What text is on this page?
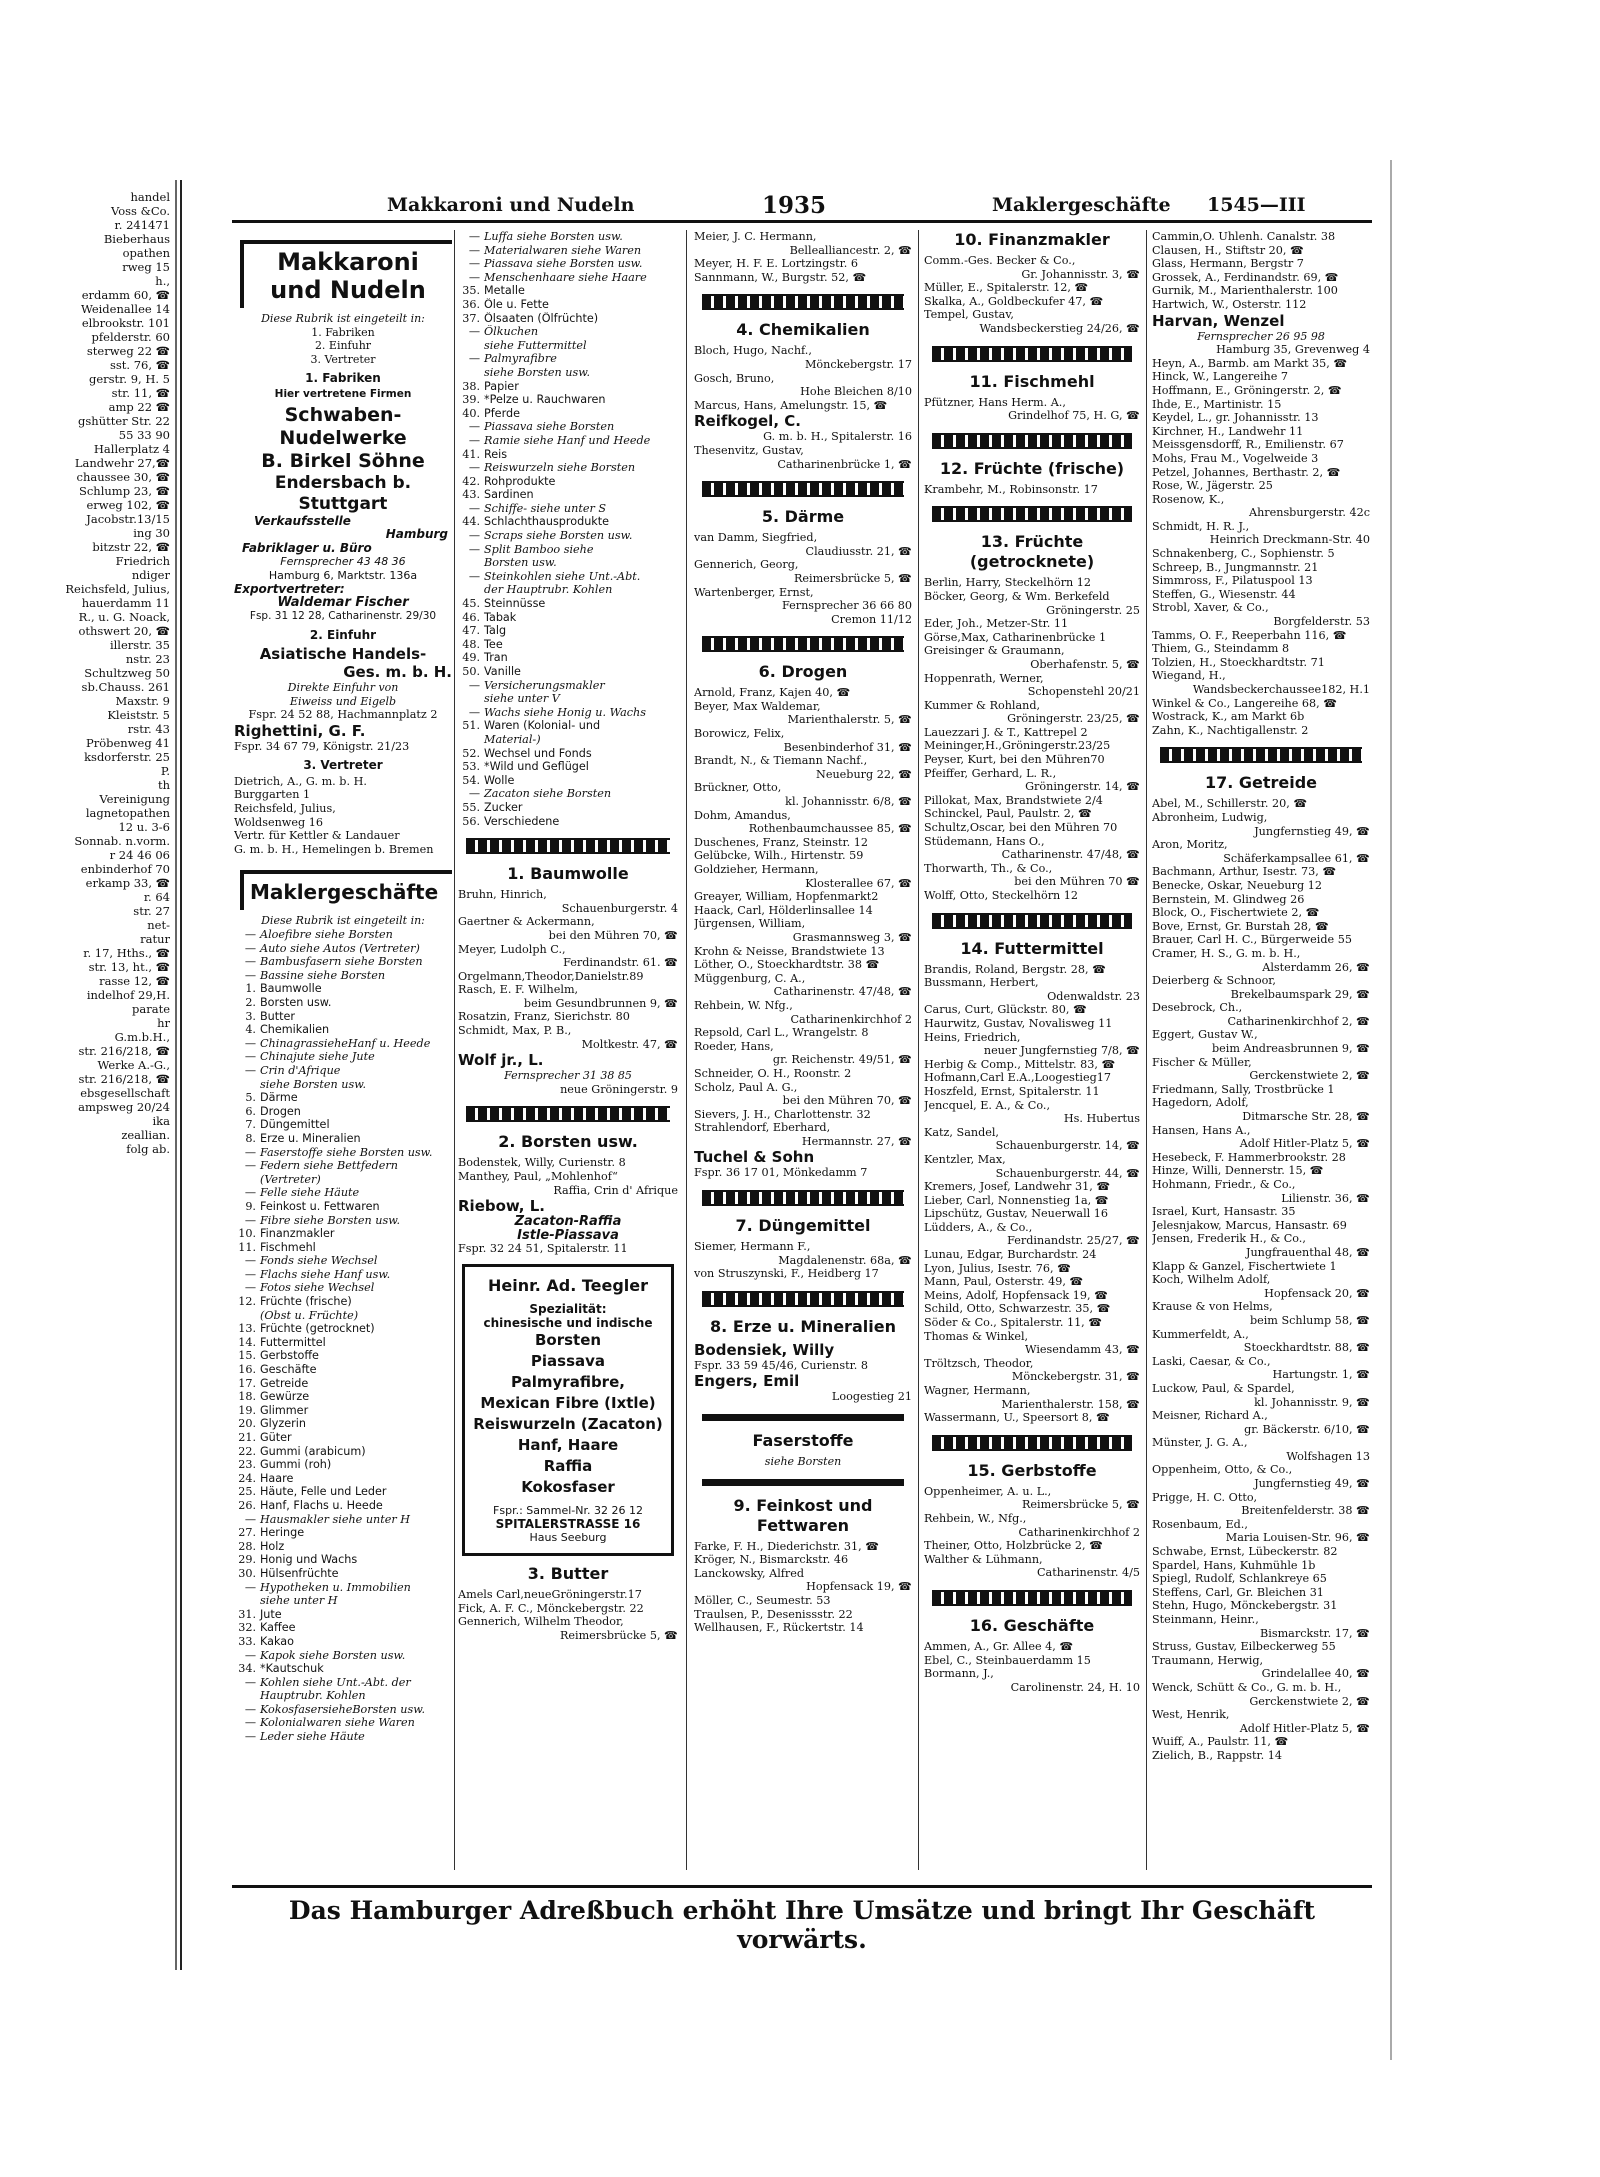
handel
Voss &Co.
r. 241471
Bieberhaus
opathen
rweg 15
h.,
erdamm 60, ☎
Weidenallee 14
elbrookstr. 101
pfelderstr. 60
sterweg 22 ☎
sst. 76, ☎
gerstr. 9, H. 5
str. 11, ☎
amp 22 ☎
gshütter Str. 22
55 33 90
Hallerplatz 4
Landwehr 27,☎
chaussee 30, ☎
Schlump 23, ☎
erweg 102, ☎
Jacobstr.13/15
ing 30
bitzstr 22, ☎
Friedrich
ndiger
Reichsfeld, Julius,
hauerdamm 11
R., u. G. Noack,
othswert 20, ☎
illerstr. 35
nstr. 23
Schultzweg 50
sb.Chauss. 261
Maxstr. 9
Kleiststr. 5
rstr. 43
Pröbenweg 41
ksdorferstr. 25
P.
th
Vereinigung
lagnetopathen
12 u. 3-6
Sonnab. n.vorm.
r 24 46 06
enbinderhof 70
erkamp 33, ☎
r. 64
str. 27
net-
ratur
r. 17, Hths., ☎
str. 13, ht., ☎
rasse 12, ☎
indelhof 29,H.
parate
hr
G.m.b.H.,
str. 216/218, ☎
Werke A.-G.,
str. 216/218, ☎
ebsgesellschaft
ampsweg 20/24
ika
zeallian.
folg ab.
Makkaroni und Nudeln	1935	Maklergeschäfte 1545—III
Makkaroni
und Nudeln
Diese Rubrik ist eingeteilt in:
1. Fabriken
2. Einfuhr
3. Vertreter
1. Fabriken
Hier vertretene Firmen
Schwaben-Nudelwerke
B. Birkel Söhne
Endersbach b. Stuttgart
Verkaufsstelle
Hamburg
Fabriklager u. Büro
Fernsprecher 43 48 36
Hamburg 6, Marktstr. 136a
Exportvertreter:
Waldemar Fischer
Fsp. 31 12 28, Catharinenstr. 29/30
2. Einfuhr
Asiatische Handels-
Ges. m. b. H.
Direkte Einfuhr von
Eiweiss und Eigelb
Fspr. 24 52 88, Hachmannplatz 2
Righettini, G. F.
Fspr. 34 67 79, Königstr. 21/23
3. Vertreter
Dietrich, A., G. m. b. H.
Burggarten 1
Reichsfeld, Julius,
Woldsenweg 16
Vertr. für Kettler & Landauer
G. m. b. H., Hemelingen b. Bremen
Maklergeschäfte
Diese Rubrik ist eingeteilt in:
— Aloefibre siehe Borsten
— Auto siehe Autos (Vertreter)
— Bambusfasern siehe Borsten
— Bassine siehe Borsten
1. Baumwolle
2. Borsten usw.
3. Butter
4. Chemikalien
— ChinagrassieheHanf u. Heede
— Chinajute siehe Jute
— Crin d'Afrique
siehe Borsten usw.
5. Därme
6. Drogen
7. Düngemittel
8. Erze u. Mineralien
— Faserstoffe siehe Borsten usw.
— Federn siehe Bettfedern
(Vertreter)
— Felle siehe Häute
9. Feinkost u. Fettwaren
— Fibre siehe Borsten usw.
10. Finanzmakler
11. Fischmehl
— Fonds siehe Wechsel
— Flachs siehe Hanf usw.
— Fotos siehe Wechsel
12. Früchte (frische)
(Obst u. Früchte)
13. Früchte (getrocknet)
14. Futtermittel
15. Gerbstoffe
16. Geschäfte
17. Getreide
18. Gewürze
19. Glimmer
20. Glyzerin
21. Güter
22. Gummi (arabicum)
23. Gummi (roh)
24. Haare
25. Häute, Felle und Leder
26. Hanf, Flachs u. Heede
— Hausmakler siehe unter H
27. Heringe
28. Holz
29. Honig und Wachs
30. Hülsenfrüchte
— Hypotheken u. Immobilien
siehe unter H
31. Jute
32. Kaffee
33. Kakao
— Kapok siehe Borsten usw.
34. *Kautschuk
— Kohlen siehe Unt.-Abt. der
Hauptrubr. Kohlen
— KokosfasersieheBorsten usw.
— Kolonialwaren siehe Waren
— Leder siehe Häute
— Luffa siehe Borsten usw.
— Materialwaren siehe Waren
— Piassava siehe Borsten usw.
— Menschenhaare siehe Haare
35. Metalle
36. Öle u. Fette
37. Ölsaaten (Ölfrüchte)
— Ölkuchen
siehe Futtermittel
— Palmyrafibre
siehe Borsten usw.
38. Papier
39. *Pelze u. Rauchwaren
40. Pferde
— Piassava siehe Borsten
— Ramie siehe Hanf und Heede
41. Reis
— Reiswurzeln siehe Borsten
42. Rohprodukte
43. Sardinen
— Schiffe- siehe unter S
44. Schlachthausprodukte
— Scraps siehe Borsten usw.
— Split Bamboo siehe
Borsten usw.
— Steinkohlen siehe Unt.-Abt.
der Hauptrubr. Kohlen
45. Steinnüsse
46. Tabak
47. Talg
48. Tee
49. Tran
50. Vanille
— Versicherungsmakler
siehe unter V
— Wachs siehe Honig u. Wachs
51. Waren (Kolonial- und
Material-)
52. Wechsel und Fonds
53. *Wild und Geflügel
54. Wolle
— Zacaton siehe Borsten
55. Zucker
56. Verschiedene
1. Baumwolle
Bruhn, Hinrich,
Schauenburgerstr. 4
Gaertner & Ackermann,
bei den Mühren 70, ☎
Meyer, Ludolph C.,
Ferdinandstr. 61. ☎
Orgelmann,Theodor,Danielstr.89
Rasch, E. F. Wilhelm,
beim Gesundbrunnen 9, ☎
Rosatzin, Franz, Sierichstr. 80
Schmidt, Max, P. B.,
Moltkestr. 47, ☎
Wolf jr., L.
Fernsprecher 31 38 85
neue Gröningerstr. 9
2. Borsten usw.
Bodenstek, Willy, Curienstr. 8
Manthey, Paul, „Mohlenhof“
Raffia, Crin d' Afrique
Riebow, L.
Zacaton-Raffia
Istle-Piassava
Fspr. 32 24 51, Spitalerstr. 11
Heinr. Ad. Teegler
Spezialität:
chinesische und indische
Borsten
Piassava
Palmyrafibre,
Mexican Fibre (Ixtle)
Reiswurzeln (Zacaton)
Hanf, Haare
Raffia
Kokosfaser
Fspr.: Sammel-Nr. 32 26 12
SPITALERSTRASSE 16
Haus Seeburg
3. Butter
Amels Carl,neueGröningerstr.17
Fick, A. F. C., Mönckebergstr. 22
Gennerich, Wilhelm Theodor,
Reimersbrücke 5, ☎
Meier, J. C. Hermann,
Bellealliancestr. 2, ☎
Meyer, H. F. E. Lortzingstr. 6
Sannmann, W., Burgstr. 52, ☎
4. Chemikalien
Bloch, Hugo, Nachf.,
Mönckebergstr. 17
Gosch, Bruno,
Hohe Bleichen 8/10
Marcus, Hans, Amelungstr. 15, ☎
Reifkogel, C.
G. m. b. H., Spitalerstr. 16
Thesenvitz, Gustav,
Catharinenbrücke 1, ☎
5. Därme
van Damm, Siegfried,
Claudiusstr. 21, ☎
Gennerich, Georg,
Reimersbrücke 5, ☎
Wartenberger, Ernst,
Fernsprecher 36 66 80
Cremon 11/12
6. Drogen
Arnold, Franz, Kajen 40, ☎
Beyer, Max Waldemar,
Marienthalerstr. 5, ☎
Borowicz, Felix,
Besenbinderhof 31, ☎
Brandt, N., & Tiemann Nachf.,
Neueburg 22, ☎
Brückner, Otto,
kl. Johannisstr. 6/8, ☎
Dohm, Amandus,
Rothenbaumchaussee 85, ☎
Duschenes, Franz, Steinstr. 12
Gelübcke, Wilh., Hirtenstr. 59
Goldzieher, Hermann,
Klosterallee 67, ☎
Greayer, William, Hopfenmarkt2
Haack, Carl, Hölderlinsallee 14
Jürgensen, William,
Grasmannsweg 3, ☎
Krohn & Neisse, Brandstwiete 13
Löther, O., Stoeckhardtstr. 38 ☎
Müggenburg, C. A.,
Catharinenstr. 47/48, ☎
Rehbein, W. Nfg.,
Catharinenkirchhof 2
Repsold, Carl L., Wrangelstr. 8
Roeder, Hans,
gr. Reichenstr. 49/51, ☎
Schneider, O. H., Roonstr. 2
Scholz, Paul A. G.,
bei den Mühren 70, ☎
Sievers, J. H., Charlottenstr. 32
Strahlendorf, Eberhard,
Hermannstr. 27, ☎
Tuchel & Sohn
Fspr. 36 17 01, Mönkedamm 7
7. Düngemittel
Siemer, Hermann F.,
Magdalenenstr. 68a, ☎
von Struszynski, F., Heidberg 17
8. Erze u. Mineralien
Bodensiek, Willy
Fspr. 33 59 45/46, Curienstr. 8
Engers, Emil
Loogestieg 21
Faserstoffe
siehe Borsten
9. Feinkost und Fettwaren
Farke, F. H., Diederichstr. 31, ☎
Kröger, N., Bismarckstr. 46
Lanckowsky, Alfred
Hopfensack 19, ☎
Möller, C., Seumestr. 53
Traulsen, P., Desenissstr. 22
Wellhausen, F., Rückertstr. 14
10. Finanzmakler
Comm.-Ges. Becker & Co.,
Gr. Johannisstr. 3, ☎
Müller, E., Spitalerstr. 12, ☎
Skalka, A., Goldbeckufer 47, ☎
Tempel, Gustav,
Wandsbeckerstieg 24/26, ☎
11. Fischmehl
Pfützner, Hans Herm. A.,
Grindelhof 75, H. G, ☎
12. Früchte (frische)
Krambehr, M., Robinsonstr. 17
13. Früchte (getrocknete)
Berlin, Harry, Steckelhörn 12
Böcker, Georg, & Wm. Berkefeld
Gröningerstr. 25
Eder, Joh., Metzer-Str. 11
Görse,Max, Catharinenbrücke 1
Greisinger & Graumann,
Oberhafenstr. 5, ☎
Hoppenrath, Werner,
Schopenstehl 20/21
Kummer & Rohland,
Gröningerstr. 23/25, ☎
Lauezzari J. & T., Kattrepel 2
Meininger,H.,Gröningerstr.23/25
Peyser, Kurt, bei den Mühren70
Pfeiffer, Gerhard, L. R.,
Gröningerstr. 14, ☎
Pillokat, Max, Brandstwiete 2/4
Schinckel, Paul, Paulstr. 2, ☎
Schultz,Oscar, bei den Mühren 70
Stüdemann, Hans O.,
Catharinenstr. 47/48, ☎
Thorwarth, Th., & Co.,
bei den Mühren 70 ☎
Wolff, Otto, Steckelhörn 12
14. Futtermittel
Brandis, Roland, Bergstr. 28, ☎
Bussmann, Herbert,
Odenwaldstr. 23
Carus, Curt, Glückstr. 80, ☎
Haurwitz, Gustav, Novalisweg 11
Heins, Friedrich,
neuer Jungfernstieg 7/8, ☎
Herbig & Comp., Mittelstr. 83, ☎
Hofmann,Carl E.A.,Loogestieg17
Hoszfeld, Ernst, Spitalerstr. 11
Jencquel, E. A., & Co.,
Hs. Hubertus
Katz, Sandel,
Schauenburgerstr. 14, ☎
Kentzler, Max,
Schauenburgerstr. 44, ☎
Kremers, Josef, Landwehr 31, ☎
Lieber, Carl, Nonnenstieg 1a, ☎
Lipschütz, Gustav, Neuerwall 16
Lüdders, A., & Co.,
Ferdinandstr. 25/27, ☎
Lunau, Edgar, Burchardstr. 24
Lyon, Julius, Isestr. 76, ☎
Mann, Paul, Osterstr. 49, ☎
Meins, Adolf, Hopfensack 19, ☎
Schild, Otto, Schwarzestr. 35, ☎
Söder & Co., Spitalerstr. 11, ☎
Thomas & Winkel,
Wiesendamm 43, ☎
Tröltzsch, Theodor,
Mönckebergstr. 31, ☎
Wagner, Hermann,
Marienthalerstr. 158, ☎
Wassermann, U., Speersort 8, ☎
15. Gerbstoffe
Oppenheimer, A. u. L.,
Reimersbrücke 5, ☎
Rehbein, W., Nfg.,
Catharinenkirchhof 2
Theiner, Otto, Holzbrücke 2, ☎
Walther & Lühmann,
Catharinenstr. 4/5
16. Geschäfte
Ammen, A., Gr. Allee 4, ☎
Ebel, C., Steinbauerdamm 15
Bormann, J.,
Carolinenstr. 24, H. 10
Cammin,O. Uhlenh. Canalstr. 38
Clausen, H., Stiftstr 20, ☎
Glass, Hermann, Bergstr 7
Grossek, A., Ferdinandstr. 69, ☎
Gurnik, M., Marienthalerstr. 100
Hartwich, W., Osterstr. 112
Harvan, Wenzel
Fernsprecher 26 95 98
Hamburg 35, Grevenweg 4
Heyn, A., Barmb. am Markt 35, ☎
Hinck, W., Langereihe 7
Hoffmann, E., Gröningerstr. 2, ☎
Ihde, E., Martinistr. 15
Keydel, L., gr. Johannisstr. 13
Kirchner, H., Landwehr 11
Meissgensdorff, R., Emilienstr. 67
Mohs, Frau M., Vogelweide 3
Petzel, Johannes, Berthastr. 2, ☎
Rose, W., Jägerstr. 25
Rosenow, K.,
Ahrensburgerstr. 42c
Schmidt, H. R. J.,
Heinrich Dreckmann-Str. 40
Schnakenberg, C., Sophienstr. 5
Schreep, B., Jungmannstr. 21
Simmross, F., Pilatuspool 13
Steffen, G., Wiesenstr. 44
Strobl, Xaver, & Co.,
Borgfelderstr. 53
Tamms, O. F., Reeperbahn 116, ☎
Thiem, G., Steindamm 8
Tolzien, H., Stoeckhardtstr. 71
Wiegand, H.,
Wandsbeckerchaussee182, H.1
Winkel & Co., Langereihe 68, ☎
Wostrack, K., am Markt 6b
Zahn, K., Nachtigallenstr. 2
17. Getreide
Abel, M., Schillerstr. 20, ☎
Abronheim, Ludwig,
Jungfernstieg 49, ☎
Aron, Moritz,
Schäferkampsallee 61, ☎
Bachmann, Arthur, Isestr. 73, ☎
Benecke, Oskar, Neueburg 12
Bernstein, M. Glindweg 26
Block, O., Fischertwiete 2, ☎
Bove, Ernst, Gr. Burstah 28, ☎
Brauer, Carl H. C., Bürgerweide 55
Cramer, H. S., G. m. b. H.,
Alsterdamm 26, ☎
Deierberg & Schnoor,
Brekelbaumspark 29, ☎
Desebrock, Ch.,
Catharinenkirchhof 2, ☎
Eggert, Gustav W.,
beim Andreasbrunnen 9, ☎
Fischer & Müller,
Gerckenstwiete 2, ☎
Friedmann, Sally, Trostbrücke 1
Hagedorn, Adolf,
Ditmarsche Str. 28, ☎
Hansen, Hans A.,
Adolf Hitler-Platz 5, ☎
Hesebeck, F. Hammerbrookstr. 28
Hinze, Willi, Dennerstr. 15, ☎
Hohmann, Friedr., & Co.,
Lilienstr. 36, ☎
Israel, Kurt, Hansastr. 35
Jelesnjakow, Marcus, Hansastr. 69
Jensen, Frederik H., & Co.,
Jungfrauenthal 48, ☎
Klapp & Ganzel, Fischertwiete 1
Koch, Wilhelm Adolf,
Hopfensack 20, ☎
Krause & von Helms,
beim Schlump 58, ☎
Kummerfeldt, A.,
Stoeckhardtstr. 88, ☎
Laski, Caesar, & Co.,
Hartungstr. 1, ☎
Luckow, Paul, & Spardel,
kl. Johannisstr. 9, ☎
Meisner, Richard A.,
gr. Bäckerstr. 6/10, ☎
Münster, J. G. A.,
Wolfshagen 13
Oppenheim, Otto, & Co.,
Jungfernstieg 49, ☎
Prigge, H. C. Otto,
Breitenfelderstr. 38 ☎
Rosenbaum, Ed.,
Maria Louisen-Str. 96, ☎
Schwabe, Ernst, Lübeckerstr. 82
Spardel, Hans, Kuhmühle 1b
Spiegl, Rudolf, Schlankreye 65
Steffens, Carl, Gr. Bleichen 31
Stehn, Hugo, Mönckebergstr. 31
Steinmann, Heinr.,
Bismarckstr. 17, ☎
Struss, Gustav, Eilbeckerweg 55
Traumann, Herwig,
Grindelallee 40, ☎
Wenck, Schütt & Co., G. m. b. H.,
Gerckenstwiete 2, ☎
West, Henrik,
Adolf Hitler-Platz 5, ☎
Wuiff, A., Paulstr. 11, ☎
Zielich, B., Rappstr. 14
Das Hamburger Adreßbuch erhöht Ihre Umsätze und bringt Ihr Geschäft vorwärts.
